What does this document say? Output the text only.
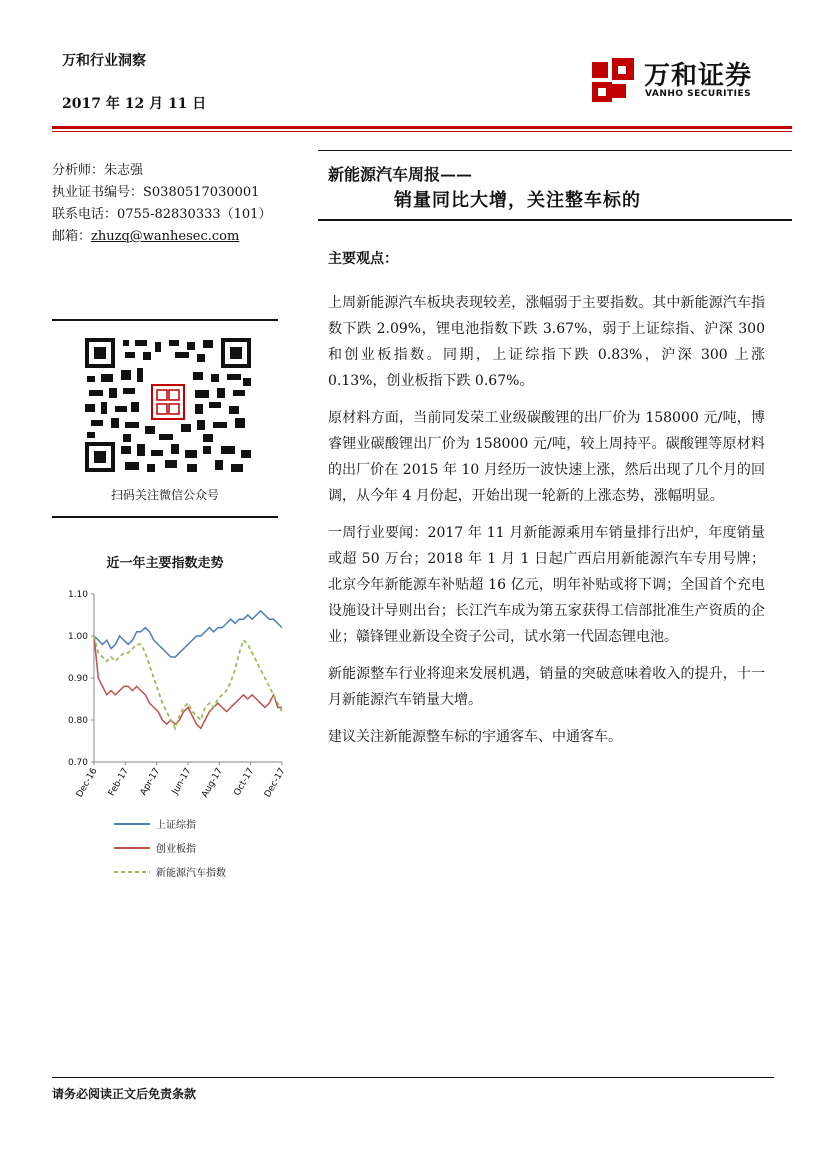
万和行业洞察
2017 年 12 月 11 日
万和证券
VANHO SECURITIES
分析师：朱志强
执业证书编号：S0380517030001
联系电话：0755-82830333（101）
邮箱：zhuzq@wanhesec.com
扫码关注微信公众号
近一年主要指数走势
1.10
1.00
0.90
0.80
0.70
Dec-16 Feb-17 Apr-17 Jun-17 Aug-17 Oct-17 Dec-17
上证综指
创业板指
新能源汽车指数
新能源汽车周报——
销量同比大增，关注整车标的
主要观点：

上周新能源汽车板块表现较差，涨幅弱于主要指数。其中新能源汽车指数下跌 2.09%，锂电池指数下跌 3.67%，弱于上证综指、沪深 300 和创业板指数。同期，上证综指下跌 0.83%，沪深 300 上涨 0.13%，创业板指下跌 0.67%。

原材料方面，当前同发荣工业级碳酸锂的出厂价为 158000 元/吨，博睿锂业碳酸锂出厂价为 158000 元/吨，较上周持平。碳酸锂等原材料的出厂价在 2015 年 10 月经历一波快速上涨，然后出现了几个月的回调，从今年 4 月份起，开始出现一轮新的上涨态势，涨幅明显。

一周行业要闻：2017 年 11 月新能源乘用车销量排行出炉，年度销量或超 50 万台；2018 年 1 月 1 日起广西启用新能源汽车专用号牌；北京今年新能源车补贴超 16 亿元，明年补贴或将下调；全国首个充电设施设计导则出台；长江汽车成为第五家获得工信部批准生产资质的企业；赣锋锂业新设全资子公司，试水第一代固态锂电池。

新能源整车行业将迎来发展机遇，销量的突破意味着收入的提升，十一月新能源汽车销量大增。

建议关注新能源整车标的宇通客车、中通客车。

请务必阅读正文后免责条款
